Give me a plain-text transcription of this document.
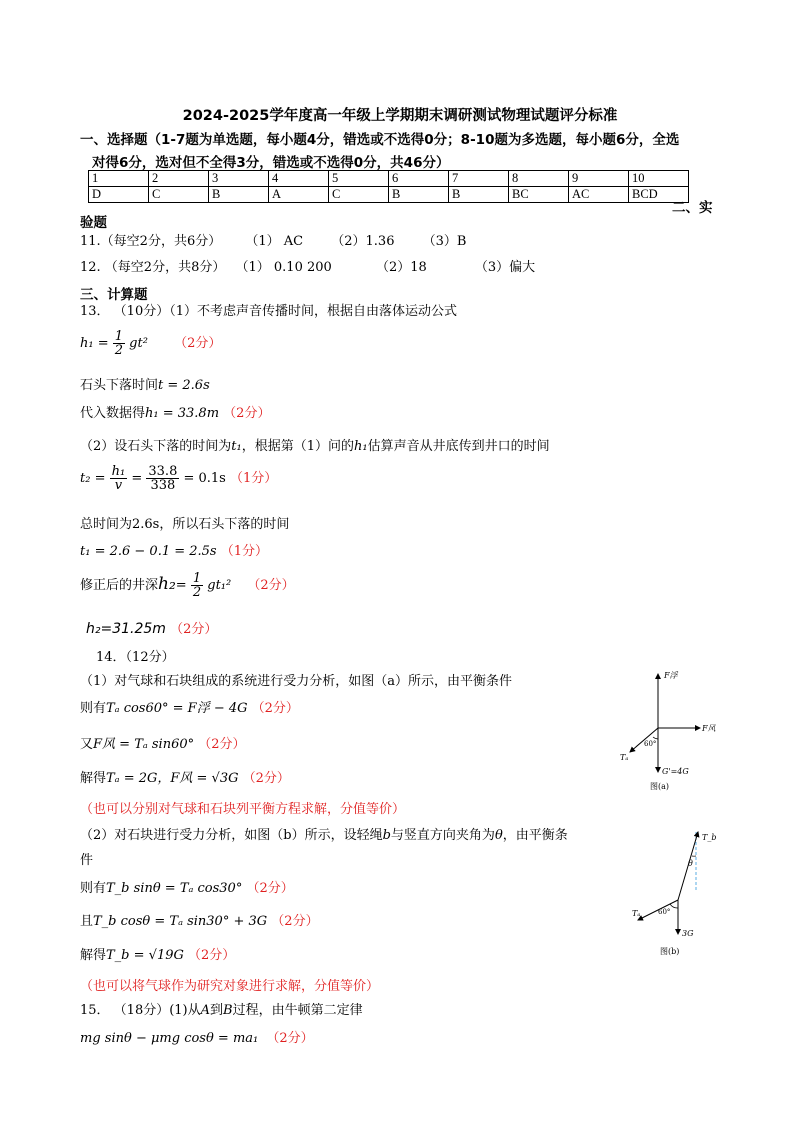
2024-2025学年度高一年级上学期期末调研测试物理试题评分标准
一、选择题（1-7题为单选题，每小题4分，错选或不选得0分；8-10题为多选题，每小题6分，全选
对得6分，选对但不全得3分，错选或不选得0分，共46分）
1	2	3	4	5	6	7	8	9	10
D	C	B	A	C	B	B	BC	AC	BCD
二、实
验题
11.（每空2分，共6分） （1） AC （2）1.36 （3）B
12. （每空2分，共8分） （1） 0.10 200	（2）18	（3）偏大
三、计算题
13． （10分）（1）不考虑声音传播时间，根据自由落体运动公式
$h_1 = \frac{1}{2} gt^2$ （2分）
石头下落时间t = 2.6s
代入数据得h₁ = 33.8m （2分）
（2）设石头下落的时间为t₁，根据第（1）问的h₁估算声音从井底传到井口的时间
$t_2 = \frac{\text{h₁}}{v} = \frac{33.8}{338} = 0.1s$ （1分）
总时间为2.6s，所以石头下落的时间
t₁ = 2.6 − 0.1 = 2.5s （1分）
修正后的井深$h_2= \frac{1}{2} gt_1^2$ （2分）
h₂=31.25m （2分）
14．（12分）
（1）对气球和石块组成的系统进行受力分析，如图（a）所示，由平衡条件
则有Tₐ cos60° = F浮 − 4G （2分）
又F风 = Tₐ sin60° （2分）
解得Tₐ = 2G，F风 = √3G （2分）
（也可以分别对气球和石块列平衡方程求解，分值等价）
（2）对石块进行受力分析，如图（b）所示，设轻绳b与竖直方向夹角为θ，由平衡条
件
则有T_b sinθ = Tₐ cos30° （2分）
且T_b cosθ = Tₐ sin30° + 3G （2分）
解得T_b = √19G （2分）
（也可以将气球作为研究对象进行求解，分值等价）
15． （18分）(1)从A到B过程，由牛顿第二定律
mg sinθ − μmg cosθ = ma₁ （2分）
F浮
F风
Tₐ
60°
G'=4G
图(a)
T_b
θ
Tₐ	60°
3G
图(b)
